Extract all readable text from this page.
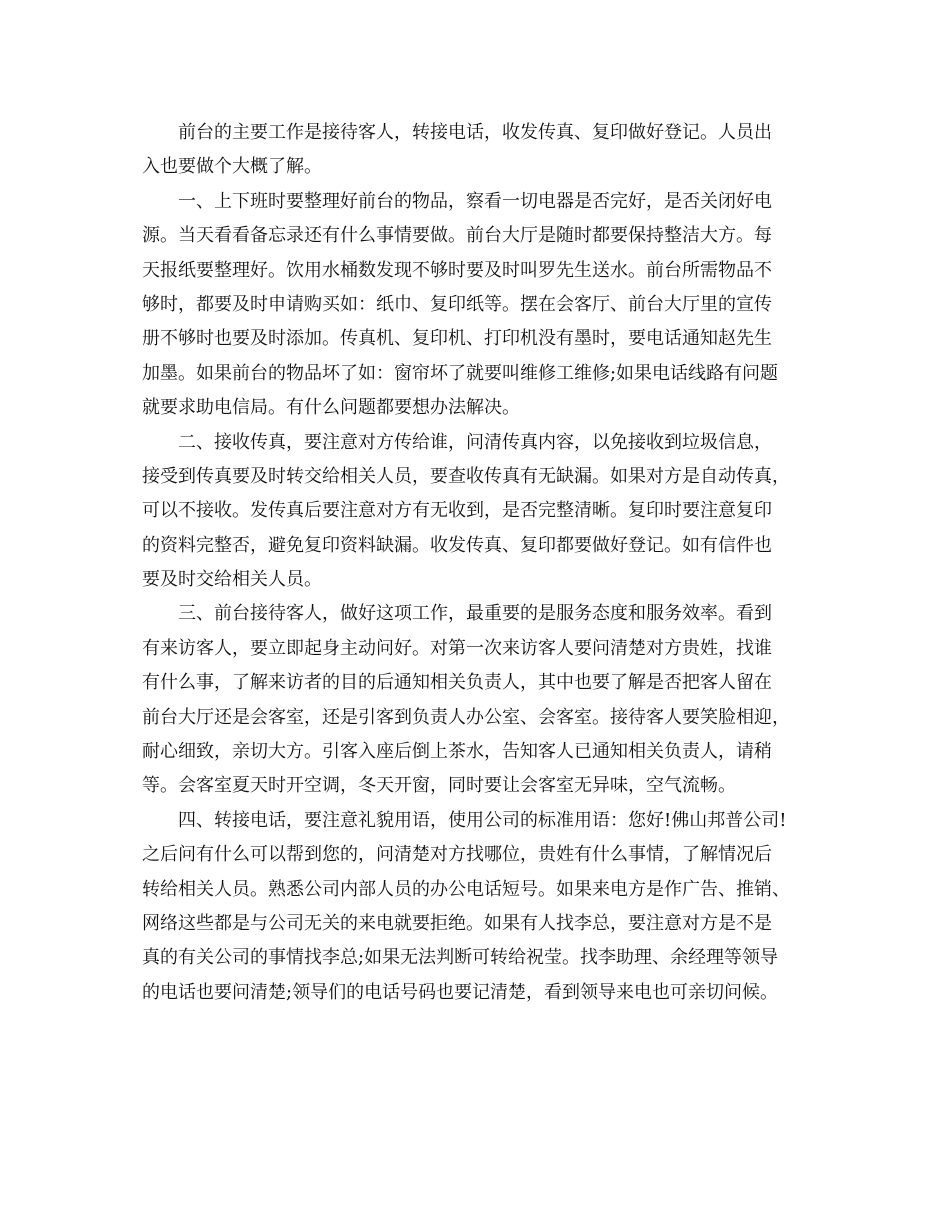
前台的主要工作是接待客人，转接电话，收发传真、复印做好登记。人员出
入也要做个大概了解。
一、上下班时要整理好前台的物品，察看一切电器是否完好，是否关闭好电
源。当天看看备忘录还有什么事情要做。前台大厅是随时都要保持整洁大方。每
天报纸要整理好。饮用水桶数发现不够时要及时叫罗先生送水。前台所需物品不
够时，都要及时申请购买如：纸巾、复印纸等。摆在会客厅、前台大厅里的宣传
册不够时也要及时添加。传真机、复印机、打印机没有墨时，要电话通知赵先生
加墨。如果前台的物品坏了如：窗帘坏了就要叫维修工维修;如果电话线路有问题
就要求助电信局。有什么问题都要想办法解决。
二、接收传真，要注意对方传给谁，问清传真内容，以免接收到垃圾信息，
接受到传真要及时转交给相关人员，要查收传真有无缺漏。如果对方是自动传真，
可以不接收。发传真后要注意对方有无收到，是否完整清晰。复印时要注意复印
的资料完整否，避免复印资料缺漏。收发传真、复印都要做好登记。如有信件也
要及时交给相关人员。
三、前台接待客人，做好这项工作，最重要的是服务态度和服务效率。看到
有来访客人，要立即起身主动问好。对第一次来访客人要问清楚对方贵姓，找谁
有什么事，了解来访者的目的后通知相关负责人，其中也要了解是否把客人留在
前台大厅还是会客室，还是引客到负责人办公室、会客室。接待客人要笑脸相迎，
耐心细致，亲切大方。引客入座后倒上茶水，告知客人已通知相关负责人，请稍
等。会客室夏天时开空调，冬天开窗，同时要让会客室无异味，空气流畅。
四、转接电话，要注意礼貌用语，使用公司的标准用语：您好!佛山邦普公司!
之后问有什么可以帮到您的，问清楚对方找哪位，贵姓有什么事情，了解情况后
转给相关人员。熟悉公司内部人员的办公电话短号。如果来电方是作广告、推销、
网络这些都是与公司无关的来电就要拒绝。如果有人找李总，要注意对方是不是
真的有关公司的事情找李总;如果无法判断可转给祝莹。找李助理、余经理等领导
的电话也要问清楚;领导们的电话号码也要记清楚，看到领导来电也可亲切问候。
